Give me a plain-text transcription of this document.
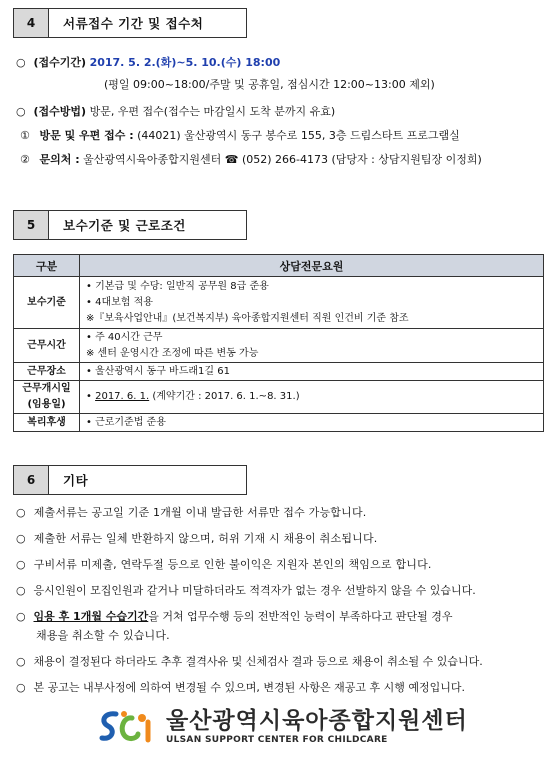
4	서류접수 기간 및 접수처
○ (접수기간) 2017. 5. 2.(화)~5. 10.(수) 18:00
(평일 09:00~18:00/주말 및 공휴일, 점심시간 12:00~13:00 제외)
○ (접수방법) 방문, 우편 접수(접수는 마감일시 도착 분까지 유효)
① 방문 및 우편 접수 : (44021) 울산광역시 동구 봉수로 155, 3층 드림스타트 프로그램실
② 문의처 : 울산광역시육아종합지원센터 ☎ (052) 266-4173 (담당자 : 상담지원팀장 이정희)
5	보수기준 및 근로조건
구분	상담전문요원
보수기준	• 기본급 및 수당: 일반직 공무원 8급 준용
• 4대보험 적용
※『보육사업안내』(보건복지부) 육아종합지원센터 직원 인건비 기준 참조

근무시간	• 주 40시간 근무
※ 센터 운영시간 조정에 따른 변동 가능

근무장소	• 울산광역시 동구 바드래1길 61

근무개시일
(임용일)	• 2017. 6. 1. (계약기간 : 2017. 6. 1.~8. 31.)

복리후생	• 근로기준법 준용
6	기타
○ 제출서류는 공고일 기준 1개월 이내 발급한 서류만 접수 가능합니다.
○ 제출한 서류는 일체 반환하지 않으며, 허위 기재 시 채용이 취소됩니다.
○ 구비서류 미제출, 연락두절 등으로 인한 불이익은 지원자 본인의 책임으로 합니다.
○ 응시인원이 모집인원과 같거나 미달하더라도 적격자가 없는 경우 선발하지 않을 수 있습니다.
○ 임용 후 1개월 수습기간을 거쳐 업무수행 등의 전반적인 능력이 부족하다고 판단될 경우
채용을 취소할 수 있습니다.
○ 채용이 결정된다 하더라도 추후 결격사유 및 신체검사 결과 등으로 채용이 취소될 수 있습니다.
○ 본 공고는 내부사정에 의하여 변경될 수 있으며, 변경된 사항은 재공고 후 시행 예정입니다.
울산광역시육아종합지원센터
ULSAN SUPPORT CENTER FOR CHILDCARE
